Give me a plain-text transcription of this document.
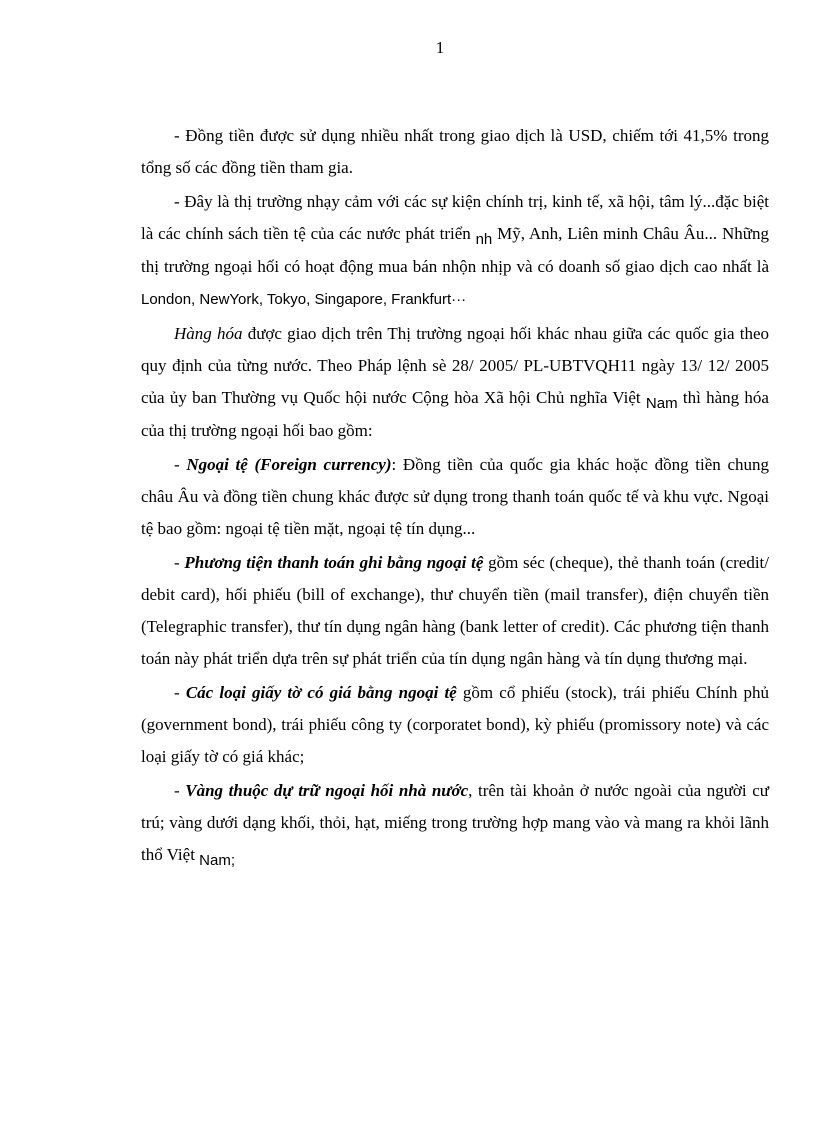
1

- Đồng tiền được sử dụng nhiều nhất trong giao dịch là USD, chiếm tới 41,5% trong tổng số các đồng tiền tham gia.

- Đây là thị trường nhạy cảm với các sự kiện chính trị, kinh tế, xã hội, tâm lý...đặc biệt là các chính sách tiền tệ của các nước phát triển nh Mỹ, Anh, Liên minh Châu Âu... Những thị trường ngoại hối có hoạt động mua bán nhộn nhịp và có doanh số giao dịch cao nhất là London, NewYork, Tokyo, Singapore, Frankfurt···

Hàng hóa được giao dịch trên Thị trường ngoại hối khác nhau giữa các quốc gia theo quy định của từng nước. Theo Pháp lệnh sè 28/ 2005/ PL-UBTVQH11 ngày 13/ 12/ 2005 của ủy ban Thường vụ Quốc hội nước Cộng hòa Xã hội Chủ nghĩa Việt Nam thì hàng hóa của thị trường ngoại hối bao gồm:

- Ngoại tệ (Foreign currency): Đồng tiền của quốc gia khác hoặc đồng tiền chung châu Âu và đồng tiền chung khác được sử dụng trong thanh toán quốc tế và khu vực. Ngoại tệ bao gồm: ngoại tệ tiền mặt, ngoại tệ tín dụng...

- Phương tiện thanh toán ghi bằng ngoại tệ gồm séc (cheque), thẻ thanh toán (credit/ debit card), hối phiếu (bill of exchange), thư chuyển tiền (mail transfer), điện chuyển tiền (Telegraphic transfer), thư tín dụng ngân hàng (bank letter of credit). Các phương tiện thanh toán này phát triển dựa trên sự phát triển của tín dụng ngân hàng và tín dụng thương mại.

- Các loại giấy tờ có giá bằng ngoại tệ gồm cổ phiếu (stock), trái phiếu Chính phủ (government bond), trái phiếu công ty (corporatet bond), kỳ phiếu (promissory note) và các loại giấy tờ có giá khác;

- Vàng thuộc dự trữ ngoại hối nhà nước, trên tài khoản ở nước ngoài của người cư trú; vàng dưới dạng khối, thỏi, hạt, miếng trong trường hợp mang vào và mang ra khỏi lãnh thổ Việt Nam;
